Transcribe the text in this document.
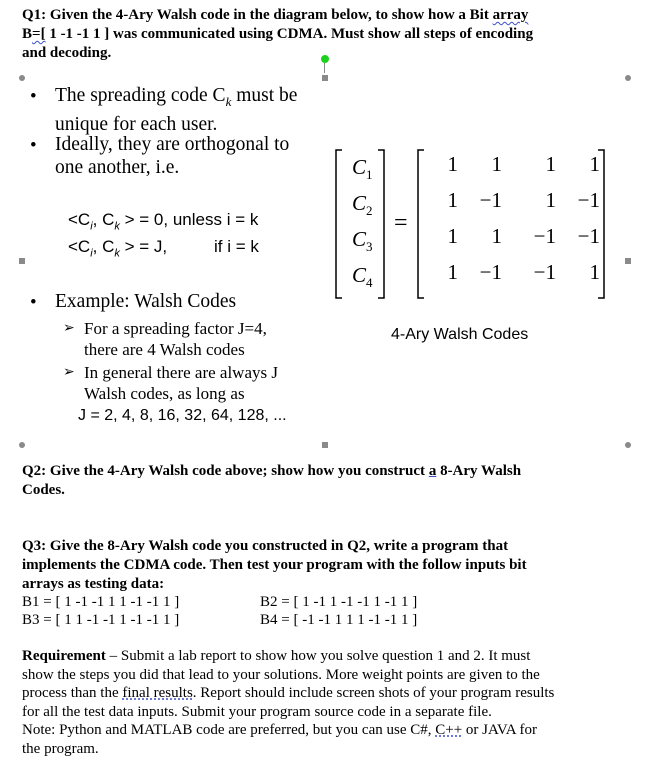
Q1: Given the 4-Ary Walsh code in the diagram below, to show how a Bit array
B=[ 1 -1 -1 1 ] was communicated using CDMA. Must show all steps of encoding
and decoding.
• The spreading code $C_k$ must be
unique for each user.
• Ideally, they are orthogonal to
one another, i.e.
$<C_i$, $C_k$ > = 0, unless i = k
$<C_i$, $C_k$ > = J,	if i = k
• Example: Walsh Codes
➢ For a spreading factor J=4,
there are 4 Walsh codes
➢ In general there are always J
Walsh codes, as long as
J = 2, 4, 8, 16, 32, 64, 128, ...
$C_1$
$C_2$
$C_3$
$C_4$
=
1	1	1	1
1	−1	1	−1
1	1	−1	−1
1	−1	−1	1
4-Ary Walsh Codes
Q2: Give the 4-Ary Walsh code above; show how you construct a 8-Ary Walsh
Codes.
Q3: Give the 8-Ary Walsh code you constructed in Q2, write a program that
implements the CDMA code. Then test your program with the follow inputs bit
arrays as testing data:
B1 = [ 1 -1 -1 1 1 -1 -1 1 ]	B2 = [ 1 -1 1 -1 -1 1 -1 1 ]
B3 = [ 1 1 -1 -1 1 -1 -1 1 ]	B4 = [ -1 -1 1 1 1 -1 -1 1 ]
Requirement – Submit a lab report to show how you solve question 1 and 2. It must
show the steps you did that lead to your solutions. More weight points are given to the
process than the final results. Report should include screen shots of your program results
for all the test data inputs. Submit your program source code in a separate file.
Note: Python and MATLAB code are preferred, but you can use C#, C++ or JAVA for
the program.
